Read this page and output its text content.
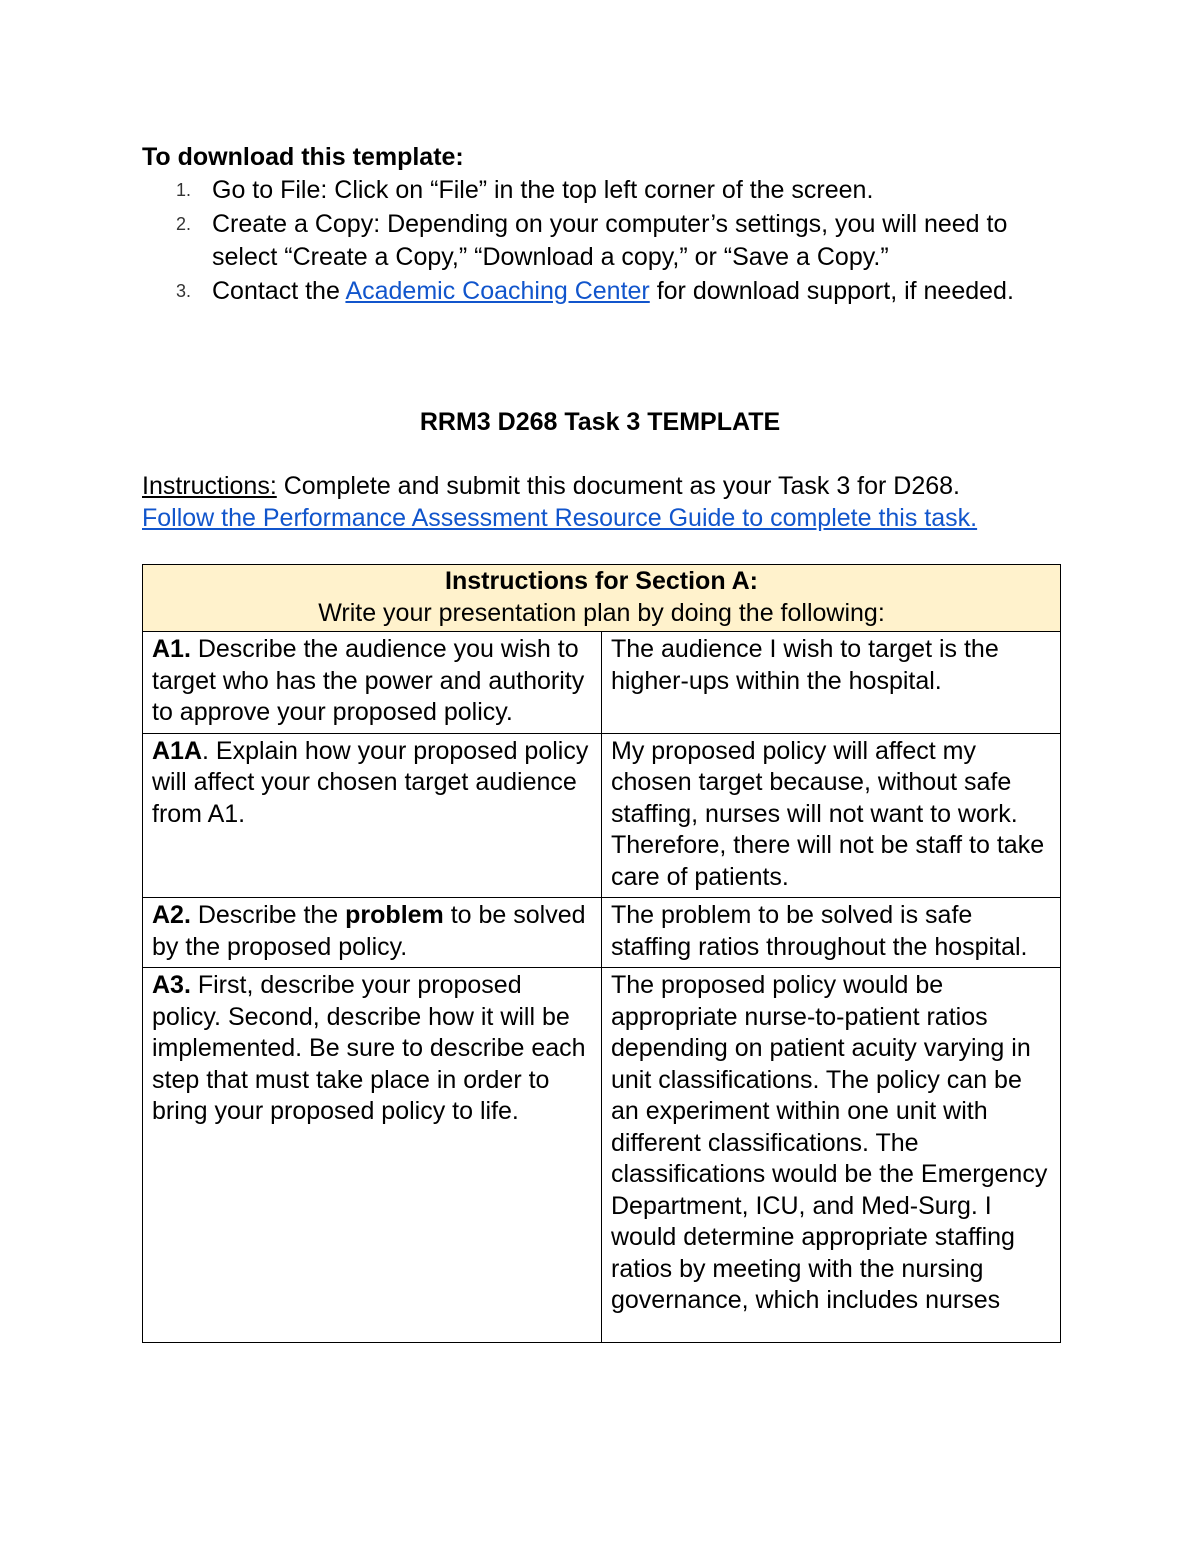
To download this template:
1. Go to File: Click on “File” in the top left corner of the screen.
2. Create a Copy: Depending on your computer’s settings, you will need to select “Create a Copy,” “Download a copy,” or “Save a Copy.”
3. Contact the Academic Coaching Center for download support, if needed.
RRM3 D268 Task 3 TEMPLATE
Instructions: Complete and submit this document as your Task 3 for D268.
Follow the Performance Assessment Resource Guide to complete this task.
Instructions for Section A:
Write your presentation plan by doing the following:	

A1. Describe the audience you wish to target who has the power and authority to approve your proposed policy.	The audience I wish to target is the higher-ups within the hospital.
A1A. Explain how your proposed policy will affect your chosen target audience from A1.	My proposed policy will affect my chosen target because, without safe staffing, nurses will not want to work. Therefore, there will not be staff to take care of patients.
A2. Describe the problem to be solved by the proposed policy.	The problem to be solved is safe staffing ratios throughout the hospital.

A3. First, describe your proposed policy. Second, describe how it will be implemented. Be sure to describe each step that must take place in order to bring your proposed policy to life.	The proposed policy would be appropriate nurse-to-patient ratios depending on patient acuity varying in unit classifications. The policy can be an experiment within one unit with different classifications. The classifications would be the Emergency Department, ICU, and Med-Surg. I would determine appropriate staffing ratios by meeting with the nursing governance, which includes nurses
